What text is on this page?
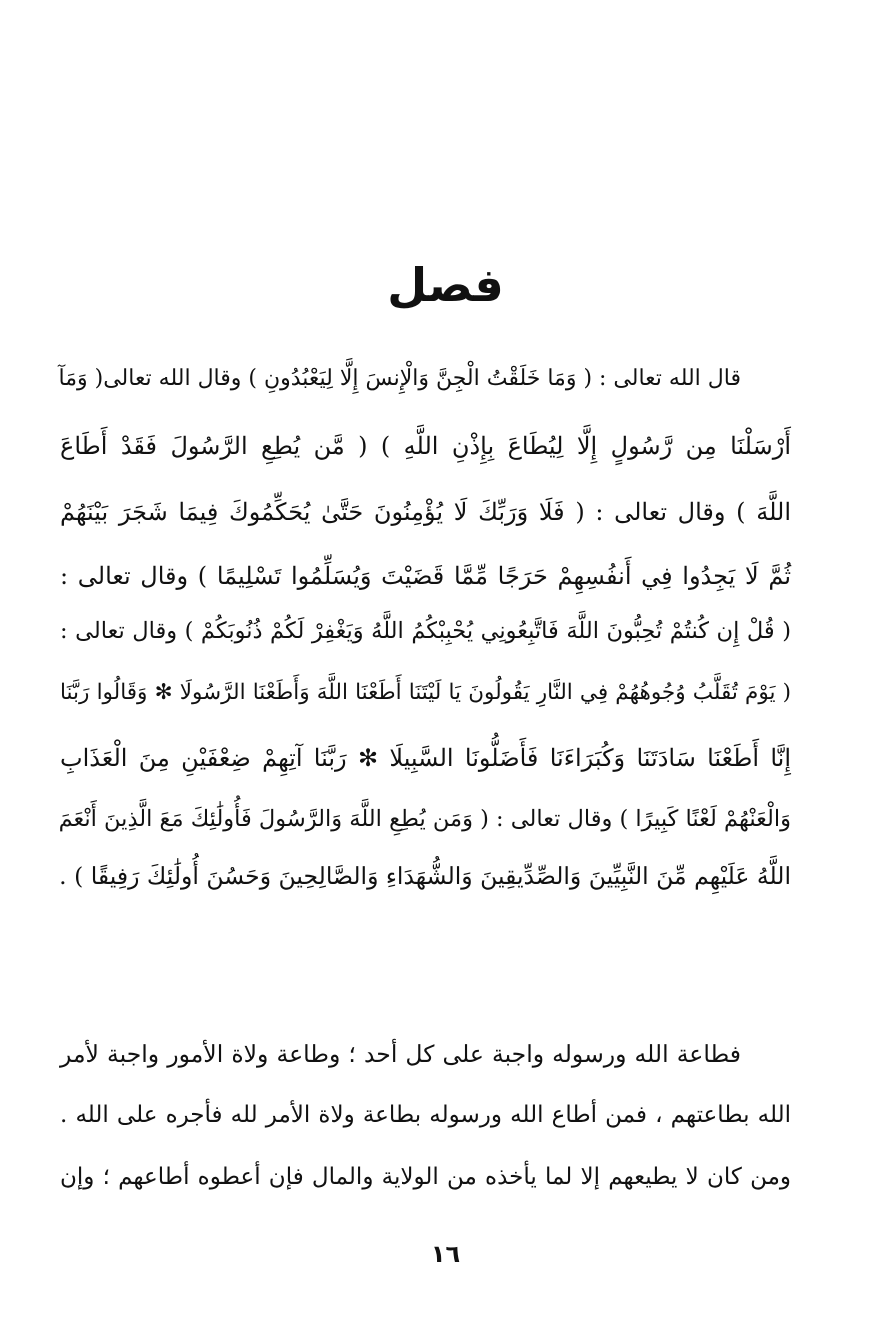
فصل
قال الله تعالى : ( وَمَا خَلَقْتُ الْجِنَّ وَالْإِنسَ إِلَّا لِيَعْبُدُونِ ) وقال الله تعالى( وَمَآ
أَرْسَلْنَا مِن رَّسُولٍ إِلَّا لِيُطَاعَ بِإِذْنِ اللَّهِ ) ( مَّن يُطِعِ الرَّسُولَ فَقَدْ أَطَاعَ
اللَّهَ ) وقال تعالى : ( فَلَا وَرَبِّكَ لَا يُؤْمِنُونَ حَتَّىٰ يُحَكِّمُوكَ فِيمَا شَجَرَ بَيْنَهُمْ
ثُمَّ لَا يَجِدُوا فِي أَنفُسِهِمْ حَرَجًا مِّمَّا قَضَيْتَ وَيُسَلِّمُوا تَسْلِيمًا ) وقال تعالى :
( قُلْ إِن كُنتُمْ تُحِبُّونَ اللَّهَ فَاتَّبِعُونِي يُحْبِبْكُمُ اللَّهُ وَيَغْفِرْ لَكُمْ ذُنُوبَكُمْ ) وقال تعالى :
( يَوْمَ تُقَلَّبُ وُجُوهُهُمْ فِي النَّارِ يَقُولُونَ يَا لَيْتَنَا أَطَعْنَا اللَّهَ وَأَطَعْنَا الرَّسُولَا ✻ وَقَالُوا رَبَّنَا
إِنَّا أَطَعْنَا سَادَتَنَا وَكُبَرَاءَنَا فَأَضَلُّونَا السَّبِيلَا ✻ رَبَّنَا آتِهِمْ ضِعْفَيْنِ مِنَ الْعَذَابِ
وَالْعَنْهُمْ لَعْنًا كَبِيرًا ) وقال تعالى : ( وَمَن يُطِعِ اللَّهَ وَالرَّسُولَ فَأُولَٰئِكَ مَعَ الَّذِينَ أَنْعَمَ
اللَّهُ عَلَيْهِم مِّنَ النَّبِيِّينَ وَالصِّدِّيقِينَ وَالشُّهَدَاءِ وَالصَّالِحِينَ وَحَسُنَ أُولَٰئِكَ رَفِيقًا ) .
فطاعة الله ورسوله واجبة على كل أحد ؛ وطاعة ولاة الأمور واجبة لأمر
الله بطاعتهم ، فمن أطاع الله ورسوله بطاعة ولاة الأمر لله فأجره على الله .
ومن كان لا يطيعهم إلا لما يأخذه من الولاية والمال فإن أعطوه أطاعهم ؛ وإن
١٦
